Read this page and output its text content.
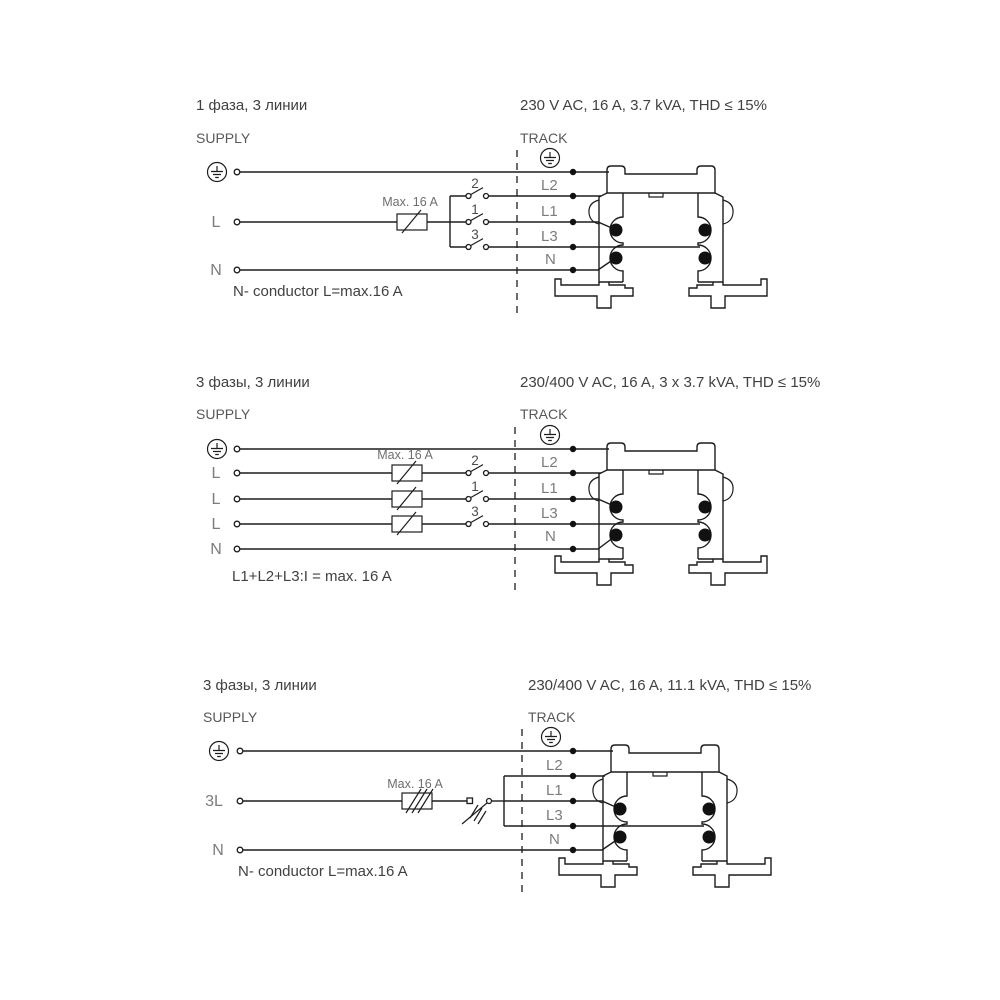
1 фаза, 3 линии	230 V AC, 16 A, 3.7 kVA, THD ≤ 15%
SUPPLY	TRACK
L
Max. 16 A
2
1
3
N
L2
L1
L3
N
N- conductor L=max.16 A
3 фазы, 3 линии	230/400 V AC, 16 A, 3 x 3.7 kVA, THD ≤ 15%
SUPPLY	TRACK
Max. 16 A
L
L
L
2
1
3
N
L2
L1
L3
N
L1+L2+L3:I = max. 16 A
3 фазы, 3 линии	230/400 V AC, 16 A, 11.1 kVA, THD ≤ 15%
SUPPLY	TRACK
3L
Max. 16 A
N
L2
L1
L3
N
N- conductor L=max.16 A
